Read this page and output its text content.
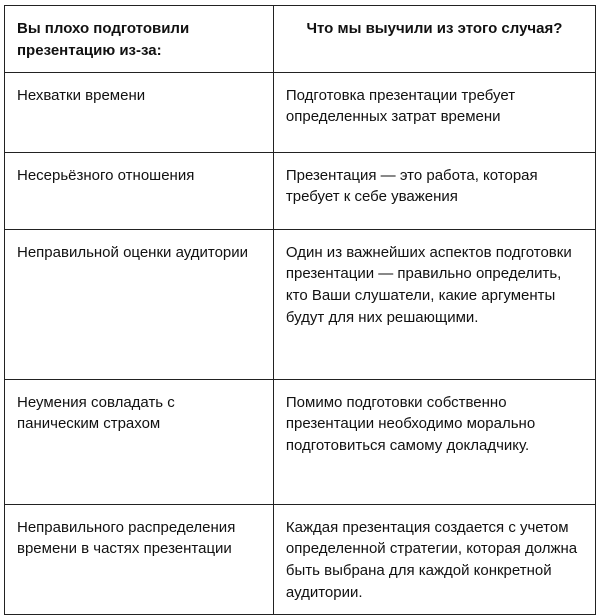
Вы плохо подготовили презентацию из-за:	Что мы выучили из этого случая?
Нехватки времени	Подготовка презентации требует определенных затрат времени
Несерьёзного отношения	Презентация — это работа, которая требует к себе уважения
Неправильной оценки аудитории	Один из важнейших аспектов подготовки презентации — правильно определить, кто Ваши слушатели, какие аргументы будут для них решающими.
Неумения совладать с паническим страхом	Помимо подготовки собственно презентации необходимо морально подготовиться самому докладчику.
Неправильного распределения времени в частях презентации	Каждая презентация создается с учетом определенной стратегии, которая должна быть выбрана для каждой конкретной аудитории.
